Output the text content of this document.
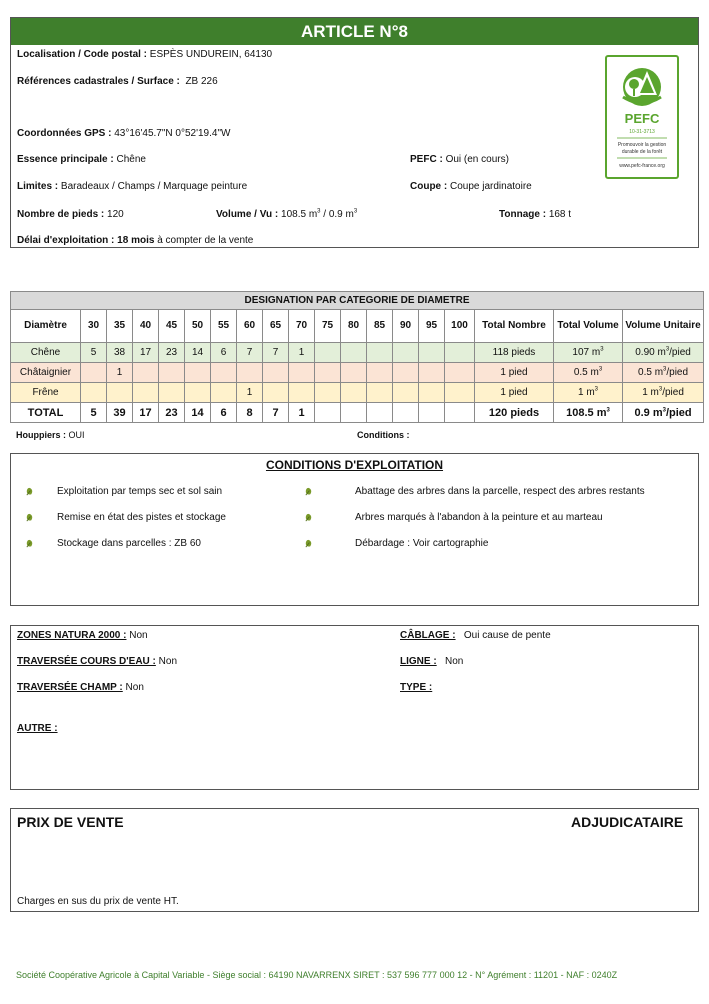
ARTICLE N°8
Localisation / Code postal : ESPÈS UNDUREIN, 64130
Références cadastrales / Surface : ZB 226
Coordonnées GPS : 43°16'45.7"N 0°52'19.4"W
Essence principale : Chêne	PEFC : Oui (en cours)
Limites : Baradeaux / Champs / Marquage peinture	Coupe : Coupe jardinatoire
Nombre de pieds : 120	Volume / Vu : 108.5 $m^3 / 0.9$ $m^3$	Tonnage : 168 t
Délai d'exploitation : 18 mois à compter de la vente
PEFC
10-31-3713
Promouvoir la gestion
durable de la forêt
www.pefc-france.org
DESIGNATION PAR CATEGORIE DE DIAMETRE																		
Diamètre	30	35	40	45	50	55	60	65	70	75	80	85	90	95	100	Total Nombre	Total Volume	Volume Unitaire
Chêne	5	38	17	23	14	6	7	7	1							118 pieds	107 $m^3$	0.90 $m^3$/pied
Châtaignier		1														1 pied	0.5 $m^3$	0.5 $m^3$/pied
Frêne							1									1 pied	1 $m^3$	1 $m^3$/pied
TOTAL	5	39	17	23	14	6	8	7	1							120 pieds	108.5 $m^3$	0.9 $m^3$/pied
Houppiers : OUI	Conditions :
CONDITIONS D'EXPLOITATION
Exploitation par temps sec et sol sain
Remise en état des pistes et stockage
Stockage dans parcelles : ZB 60
Abattage des arbres dans la parcelle, respect des arbres restants
Arbres marqués à l'abandon à la peinture et au marteau
Débardage : Voir cartographie
ZONES NATURA 2000 : Non
TRAVERSÉE COURS D'EAU : Non
TRAVERSÉE CHAMP : Non
AUTRE :
CÂBLAGE : Oui cause de pente
LIGNE : Non
TYPE :
PRIX DE VENTE	ADJUDICATAIRE
Charges en sus du prix de vente HT.
Société Coopérative Agricole à Capital Variable - Siège social : 64190 NAVARRENX SIRET : 537 596 777 000 12 - N° Agrément : 11201 - NAF : 0240Z
